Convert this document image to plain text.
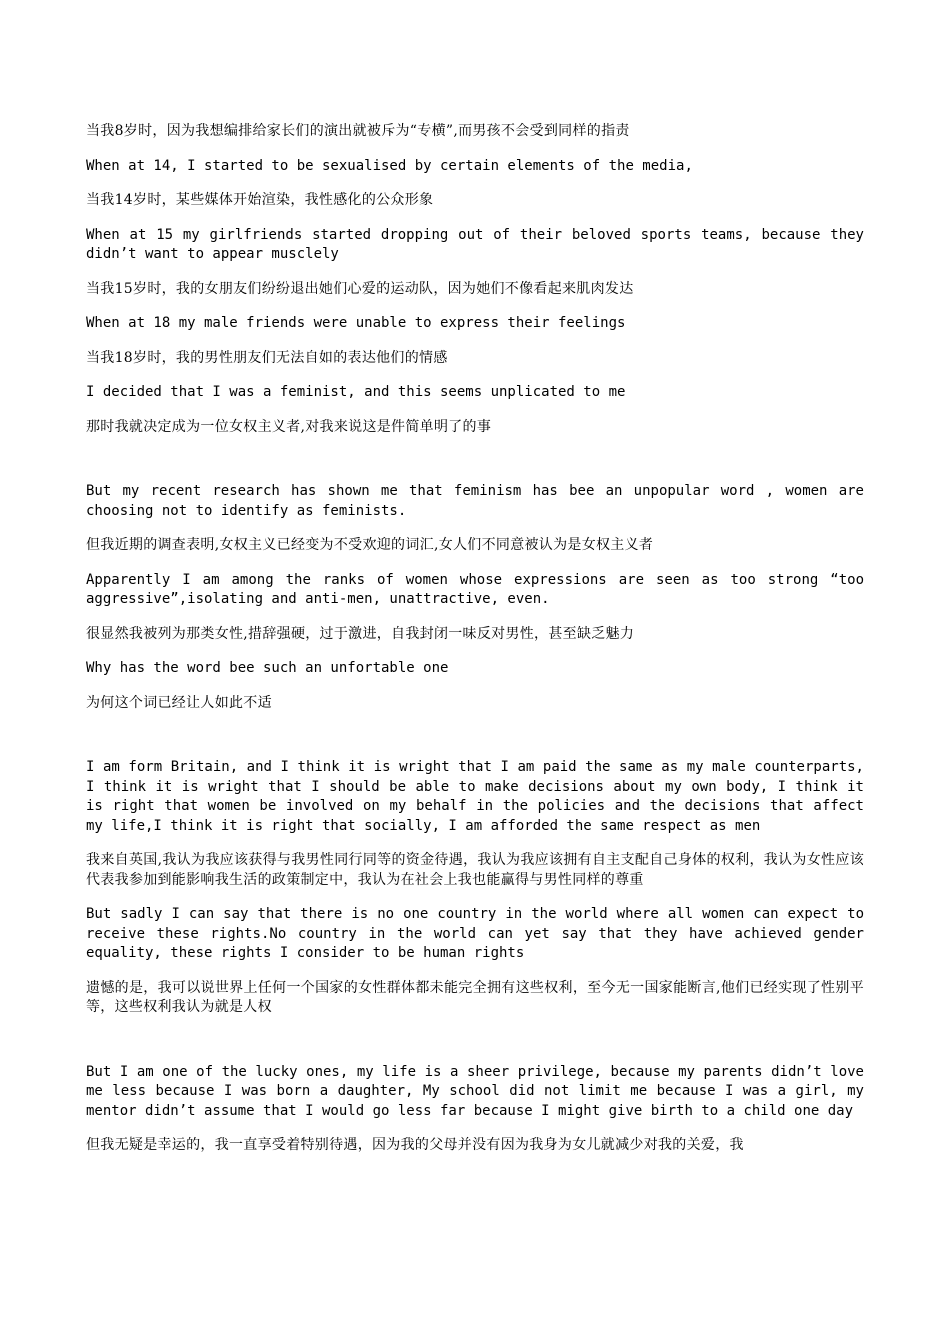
当我8岁时，因为我想编排给家长们的演出就被斥为“专横”,而男孩不会受到同样的指责

When at 14, I started to be sexualised by certain elements of the media,

当我14岁时，某些媒体开始渲染，我性感化的公众形象

When at 15 my girlfriends started dropping out of their beloved sports teams, because they didn’t want to appear musclely

当我15岁时，我的女朋友们纷纷退出她们心爱的运动队，因为她们不像看起来肌肉发达

When at 18 my male friends were unable to express their feelings

当我18岁时，我的男性朋友们无法自如的表达他们的情感

I decided that I was a feminist, and this seems unplicated to me

那时我就决定成为一位女权主义者,对我来说这是件简单明了的事

But my recent research has shown me that feminism has bee an unpopular word , women are choosing not to identify as feminists.

但我近期的调查表明,女权主义已经变为不受欢迎的词汇,女人们不同意被认为是女权主义者

Apparently I am among the ranks of women whose expressions are seen as too strong “too aggressive”,isolating and anti-men, unattractive, even.

很显然我被列为那类女性,措辞强硬，过于激进，自我封闭一味反对男性，甚至缺乏魅力

Why has the word bee such an unfortable one

为何这个词已经让人如此不适

I am form Britain, and I think it is wright that I am paid the same as my male counterparts, I think it is wright that I should be able to make decisions about my own body, I think it is right that women be involved on my behalf in the policies and the decisions that affect my life,I think it is right that socially, I am afforded the same respect as men

我来自英国,我认为我应该获得与我男性同行同等的资金待遇，我认为我应该拥有自主支配自己身体的权利，我认为女性应该代表我参加到能影响我生活的政策制定中，我认为在社会上我也能赢得与男性同样的尊重

But sadly I can say that there is no one country in the world where all women can expect to receive these rights.No country in the world can yet say that they have achieved gender equality, these rights I consider to be human rights

遗憾的是，我可以说世界上任何一个国家的女性群体都未能完全拥有这些权利，至今无一国家能断言,他们已经实现了性别平等，这些权利我认为就是人权

But I am one of the lucky ones, my life is a sheer privilege, because my parents didn’t love me less because I was born a daughter, My school did not limit me because I was a girl, my mentor didn’t assume that I would go less far because I might give birth to a child one day

但我无疑是幸运的，我一直享受着特别待遇，因为我的父母并没有因为我身为女儿就减少对我的关爱，我
